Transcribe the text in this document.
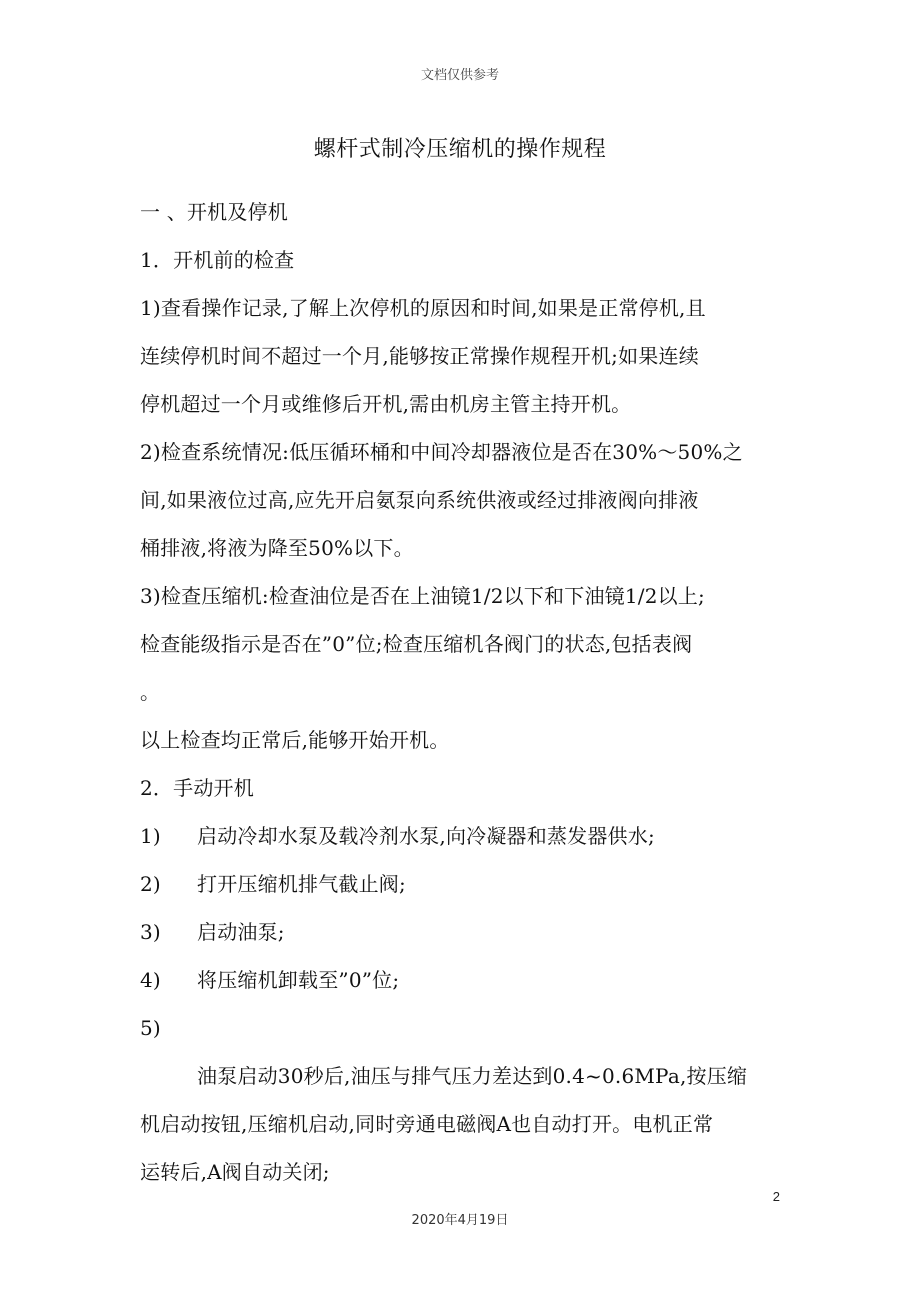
文档仅供参考
螺杆式制冷压缩机的操作规程

一 、开机及停机

1．开机前的检查

1)查看操作记录,了解上次停机的原因和时间,如果是正常停机,且

连续停机时间不超过一个月,能够按正常操作规程开机;如果连续

停机超过一个月或维修后开机,需由机房主管主持开机。

2)检查系统情况:低压循环桶和中间冷却器液位是否在30%～50%之

间,如果液位过高,应先开启氨泵向系统供液或经过排液阀向排液

桶排液,将液为降至50%以下。

3)检查压缩机:检查油位是否在上油镜1/2以下和下油镜1/2以上;

检查能级指示是否在”0”位;检查压缩机各阀门的状态,包括表阀

。

以上检查均正常后,能够开始开机。

2．手动开机

1)	启动冷却水泵及载冷剂水泵,向冷凝器和蒸发器供水;
2)	打开压缩机排气截止阀;
3)	启动油泵;
4)	将压缩机卸载至”0”位;
5)

油泵启动30秒后,油压与排气压力差达到0.4~0.6MPa,按压缩

机启动按钮,压缩机启动,同时旁通电磁阀A也自动打开。电机正常

运转后,A阀自动关闭;

2
2020年4月19日
